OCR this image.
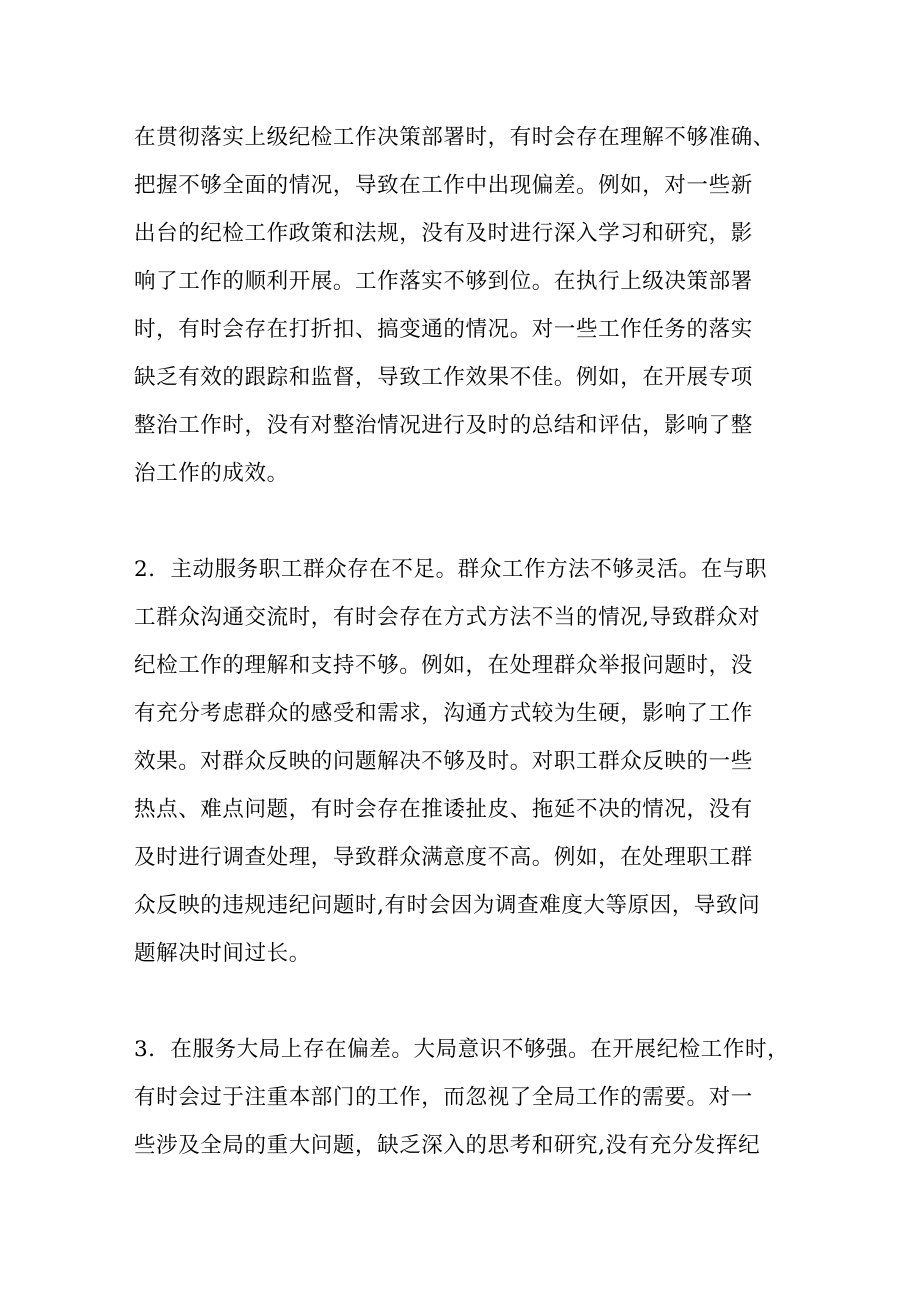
在贯彻落实上级纪检工作决策部署时，有时会存在理解不够准确、
把握不够全面的情况，导致在工作中出现偏差。例如，对一些新
出台的纪检工作政策和法规，没有及时进行深入学习和研究，影
响了工作的顺利开展。工作落实不够到位。在执行上级决策部署
时，有时会存在打折扣、搞变通的情况。对一些工作任务的落实
缺乏有效的跟踪和监督，导致工作效果不佳。例如，在开展专项
整治工作时，没有对整治情况进行及时的总结和评估，影响了整
治工作的成效。
2．主动服务职工群众存在不足。群众工作方法不够灵活。在与职
工群众沟通交流时，有时会存在方式方法不当的情况,导致群众对
纪检工作的理解和支持不够。例如，在处理群众举报问题时，没
有充分考虑群众的感受和需求，沟通方式较为生硬，影响了工作
效果。对群众反映的问题解决不够及时。对职工群众反映的一些
热点、难点问题，有时会存在推诿扯皮、拖延不决的情况，没有
及时进行调查处理，导致群众满意度不高。例如，在处理职工群
众反映的违规违纪问题时,有时会因为调查难度大等原因，导致问
题解决时间过长。
3．在服务大局上存在偏差。大局意识不够强。在开展纪检工作时，
有时会过于注重本部门的工作，而忽视了全局工作的需要。对一
些涉及全局的重大问题，缺乏深入的思考和研究,没有充分发挥纪
